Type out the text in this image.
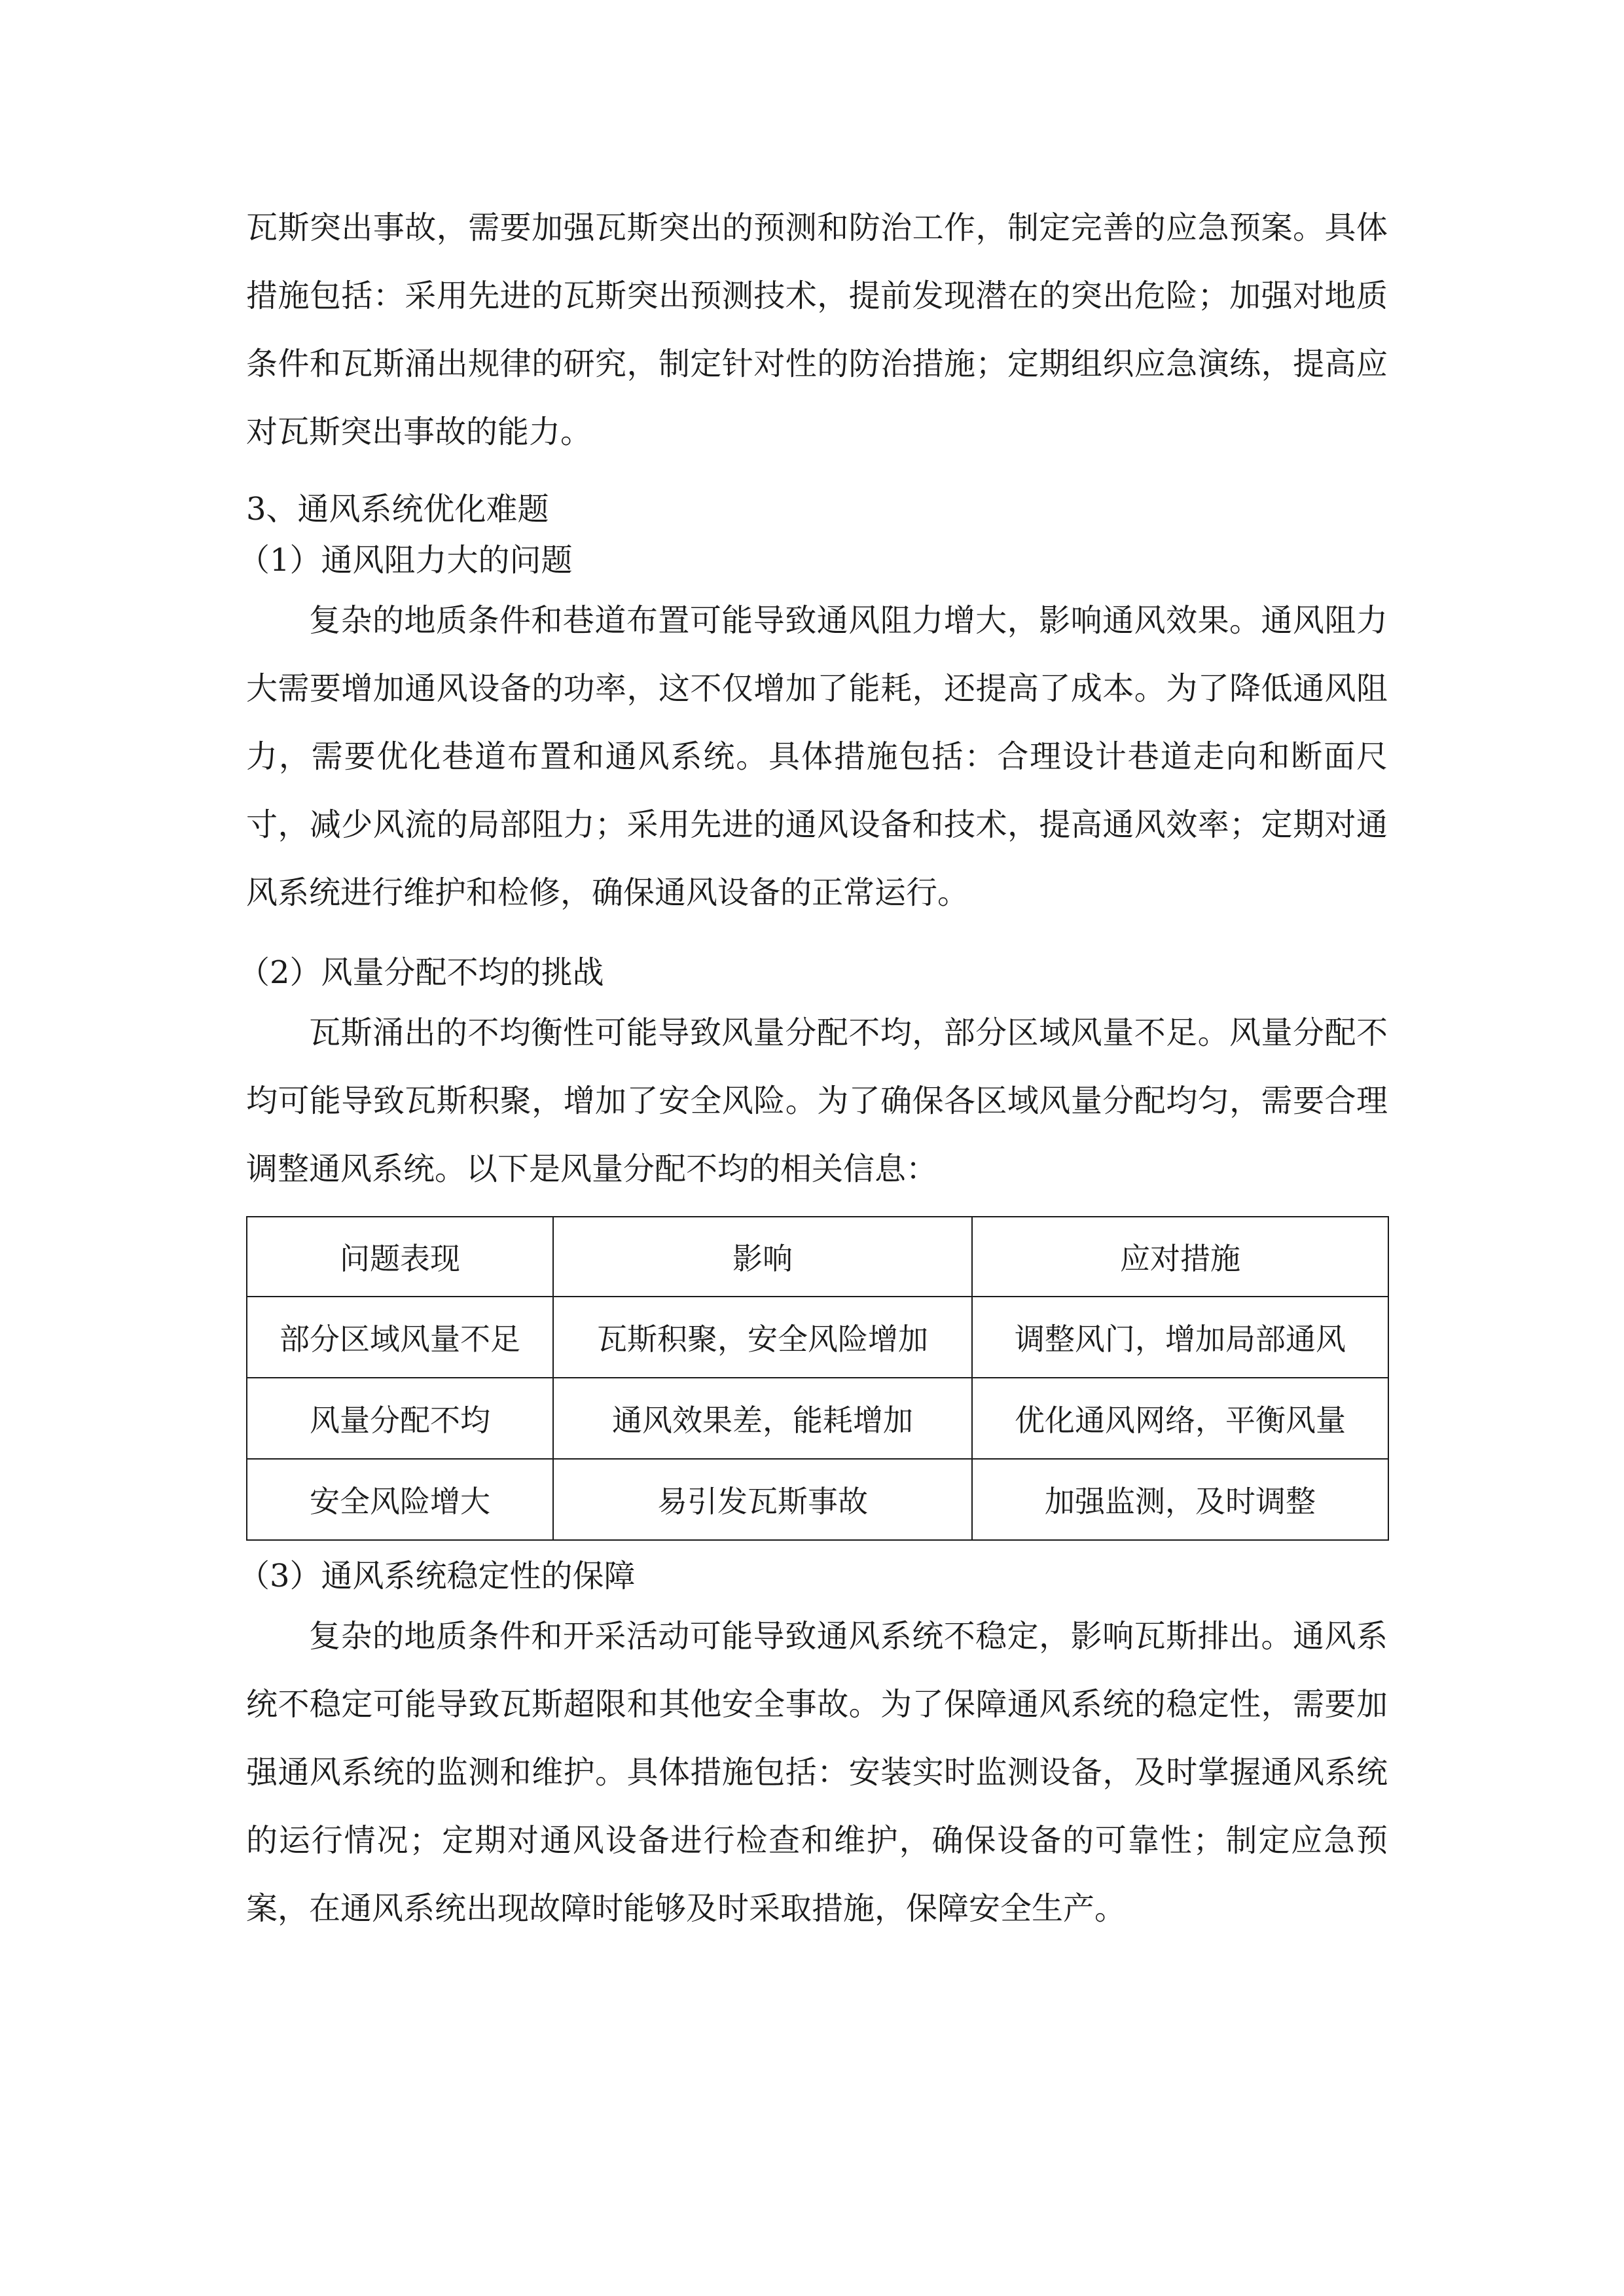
瓦斯突出事故，需要加强瓦斯突出的预测和防治工作，制定完善的应急预案。具体措施包括：采用先进的瓦斯突出预测技术，提前发现潜在的突出危险；加强对地质条件和瓦斯涌出规律的研究，制定针对性的防治措施；定期组织应急演练，提高应对瓦斯突出事故的能力。

3、通风系统优化难题

（1）通风阻力大的问题

复杂的地质条件和巷道布置可能导致通风阻力增大，影响通风效果。通风阻力大需要增加通风设备的功率，这不仅增加了能耗，还提高了成本。为了降低通风阻力，需要优化巷道布置和通风系统。具体措施包括：合理设计巷道走向和断面尺寸，减少风流的局部阻力；采用先进的通风设备和技术，提高通风效率；定期对通风系统进行维护和检修，确保通风设备的正常运行。

（2）风量分配不均的挑战

瓦斯涌出的不均衡性可能导致风量分配不均，部分区域风量不足。风量分配不均可能导致瓦斯积聚，增加了安全风险。为了确保各区域风量分配均匀，需要合理调整通风系统。以下是风量分配不均的相关信息：

问题表现	影响	应对措施
部分区域风量不足	瓦斯积聚，安全风险增加	调整风门，增加局部通风
风量分配不均	通风效果差，能耗增加	优化通风网络，平衡风量
安全风险增大	易引发瓦斯事故	加强监测，及时调整

（3）通风系统稳定性的保障

复杂的地质条件和开采活动可能导致通风系统不稳定，影响瓦斯排出。通风系统不稳定可能导致瓦斯超限和其他安全事故。为了保障通风系统的稳定性，需要加强通风系统的监测和维护。具体措施包括：安装实时监测设备，及时掌握通风系统的运行情况；定期对通风设备进行检查和维护，确保设备的可靠性；制定应急预案，在通风系统出现故障时能够及时采取措施，保障安全生产。
